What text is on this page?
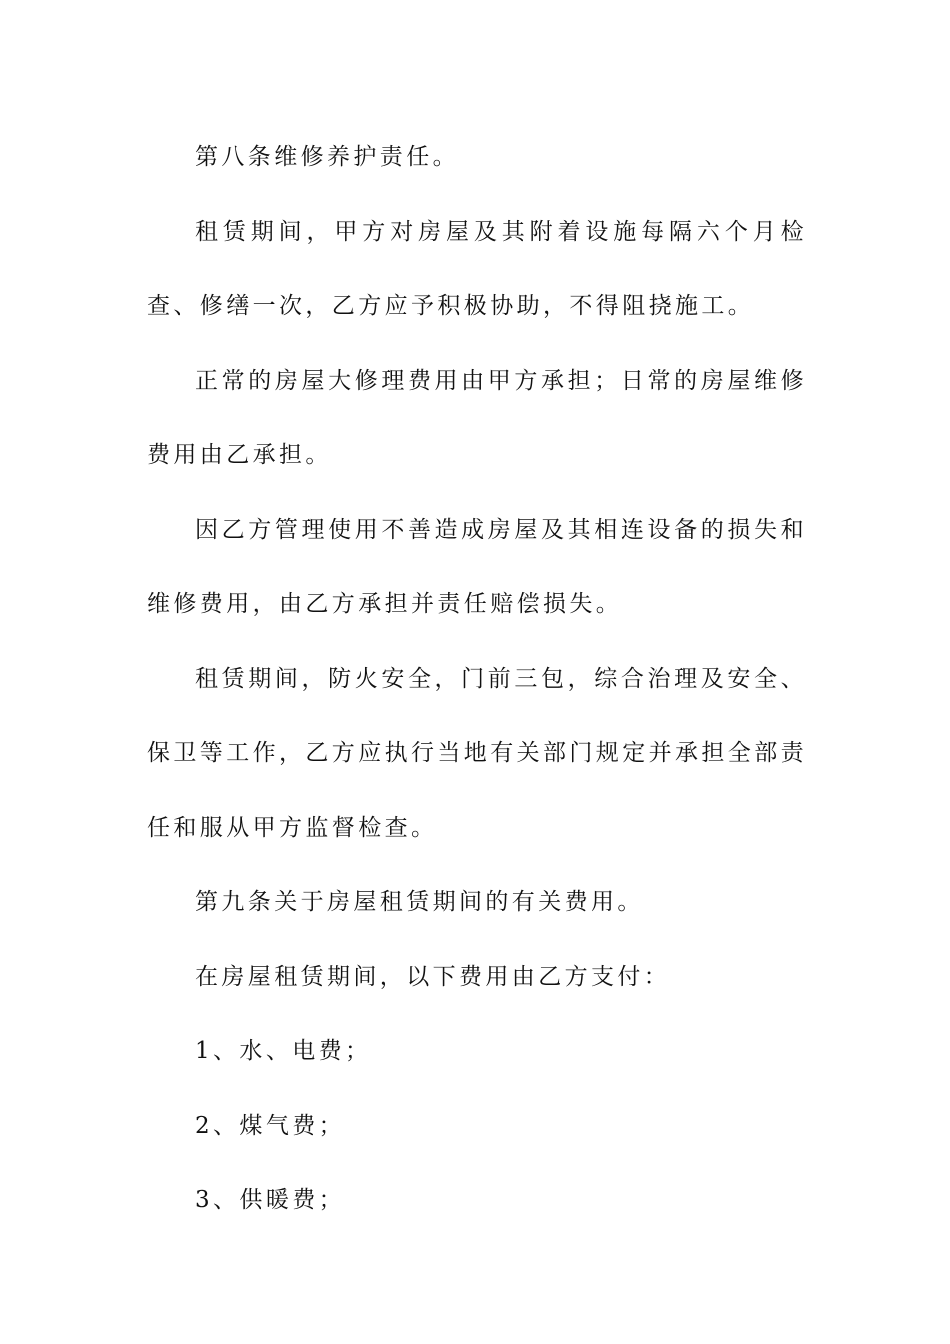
第八条维修养护责任。

租赁期间，甲方对房屋及其附着设施每隔六个月检查、修缮一次，乙方应予积极协助，不得阻挠施工。

正常的房屋大修理费用由甲方承担；日常的房屋维修费用由乙承担。

因乙方管理使用不善造成房屋及其相连设备的损失和维修费用，由乙方承担并责任赔偿损失。

租赁期间，防火安全，门前三包，综合治理及安全、保卫等工作，乙方应执行当地有关部门规定并承担全部责任和服从甲方监督检查。

第九条关于房屋租赁期间的有关费用。

在房屋租赁期间，以下费用由乙方支付：

1、水、电费；

2、煤气费；

3、供暖费；
